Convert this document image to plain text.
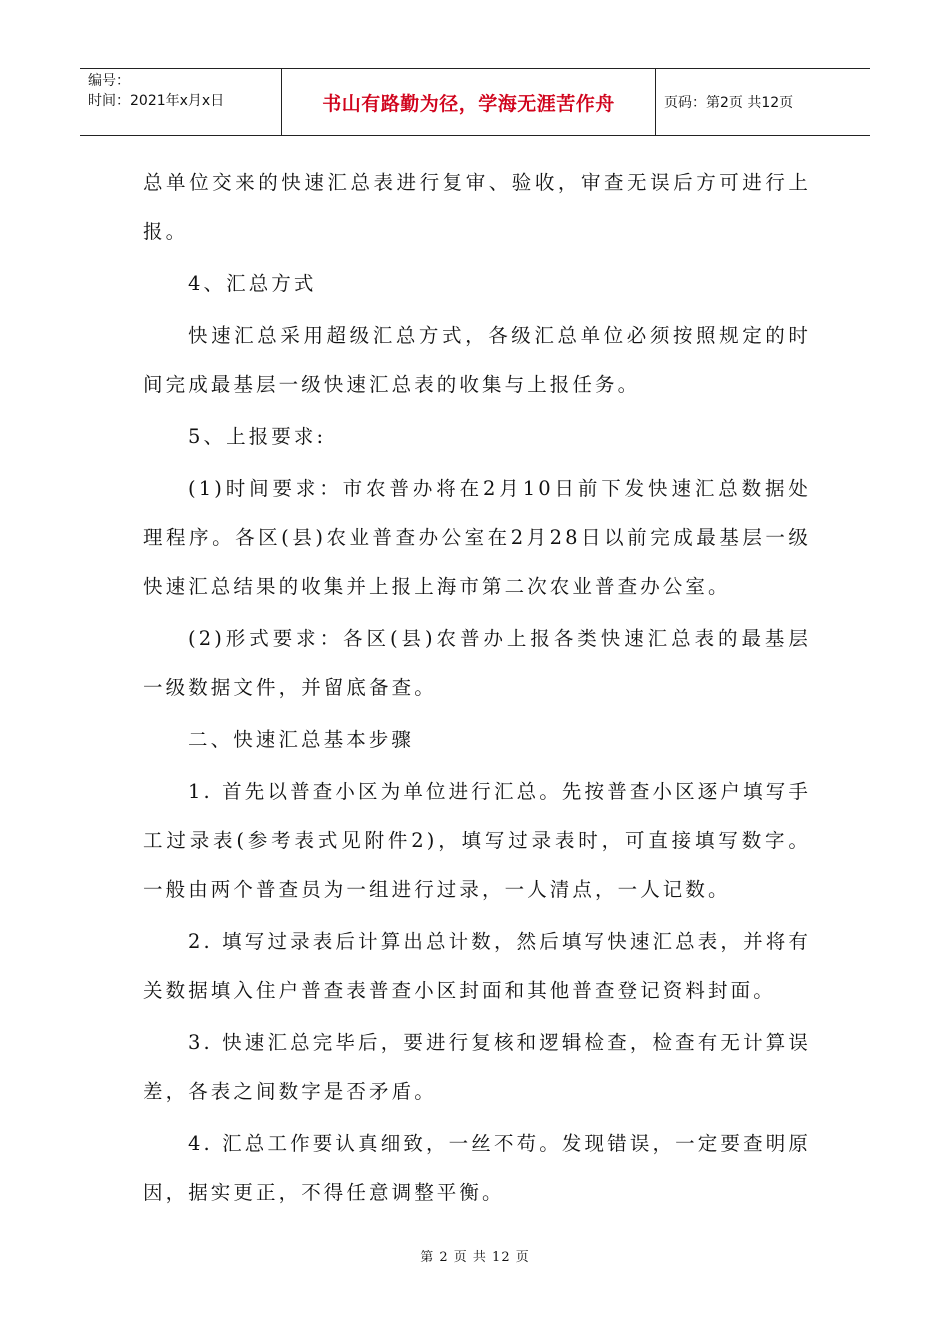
编号：
时间：2021年x月x日	书山有路勤为径，学海无涯苦作舟	页码：第2页 共12页

总单位交来的快速汇总表进行复审、验收，审查无误后方可进行上报。

4、汇总方式

快速汇总采用超级汇总方式，各级汇总单位必须按照规定的时间完成最基层一级快速汇总表的收集与上报任务。

5、上报要求:

(1)时间要求：市农普办将在2月10日前下发快速汇总数据处理程序。各区(县)农业普查办公室在2月28日以前完成最基层一级快速汇总结果的收集并上报上海市第二次农业普查办公室。

(2)形式要求：各区(县)农普办上报各类快速汇总表的最基层一级数据文件，并留底备查。

二、快速汇总基本步骤

1. 首先以普查小区为单位进行汇总。先按普查小区逐户填写手工过录表(参考表式见附件2)，填写过录表时，可直接填写数字。一般由两个普查员为一组进行过录，一人清点，一人记数。

2. 填写过录表后计算出总计数，然后填写快速汇总表，并将有关数据填入住户普查表普查小区封面和其他普查登记资料封面。

3. 快速汇总完毕后，要进行复核和逻辑检查，检查有无计算误差，各表之间数字是否矛盾。

4. 汇总工作要认真细致，一丝不苟。发现错误，一定要查明原因，据实更正，不得任意调整平衡。

第 2 页 共 12 页
